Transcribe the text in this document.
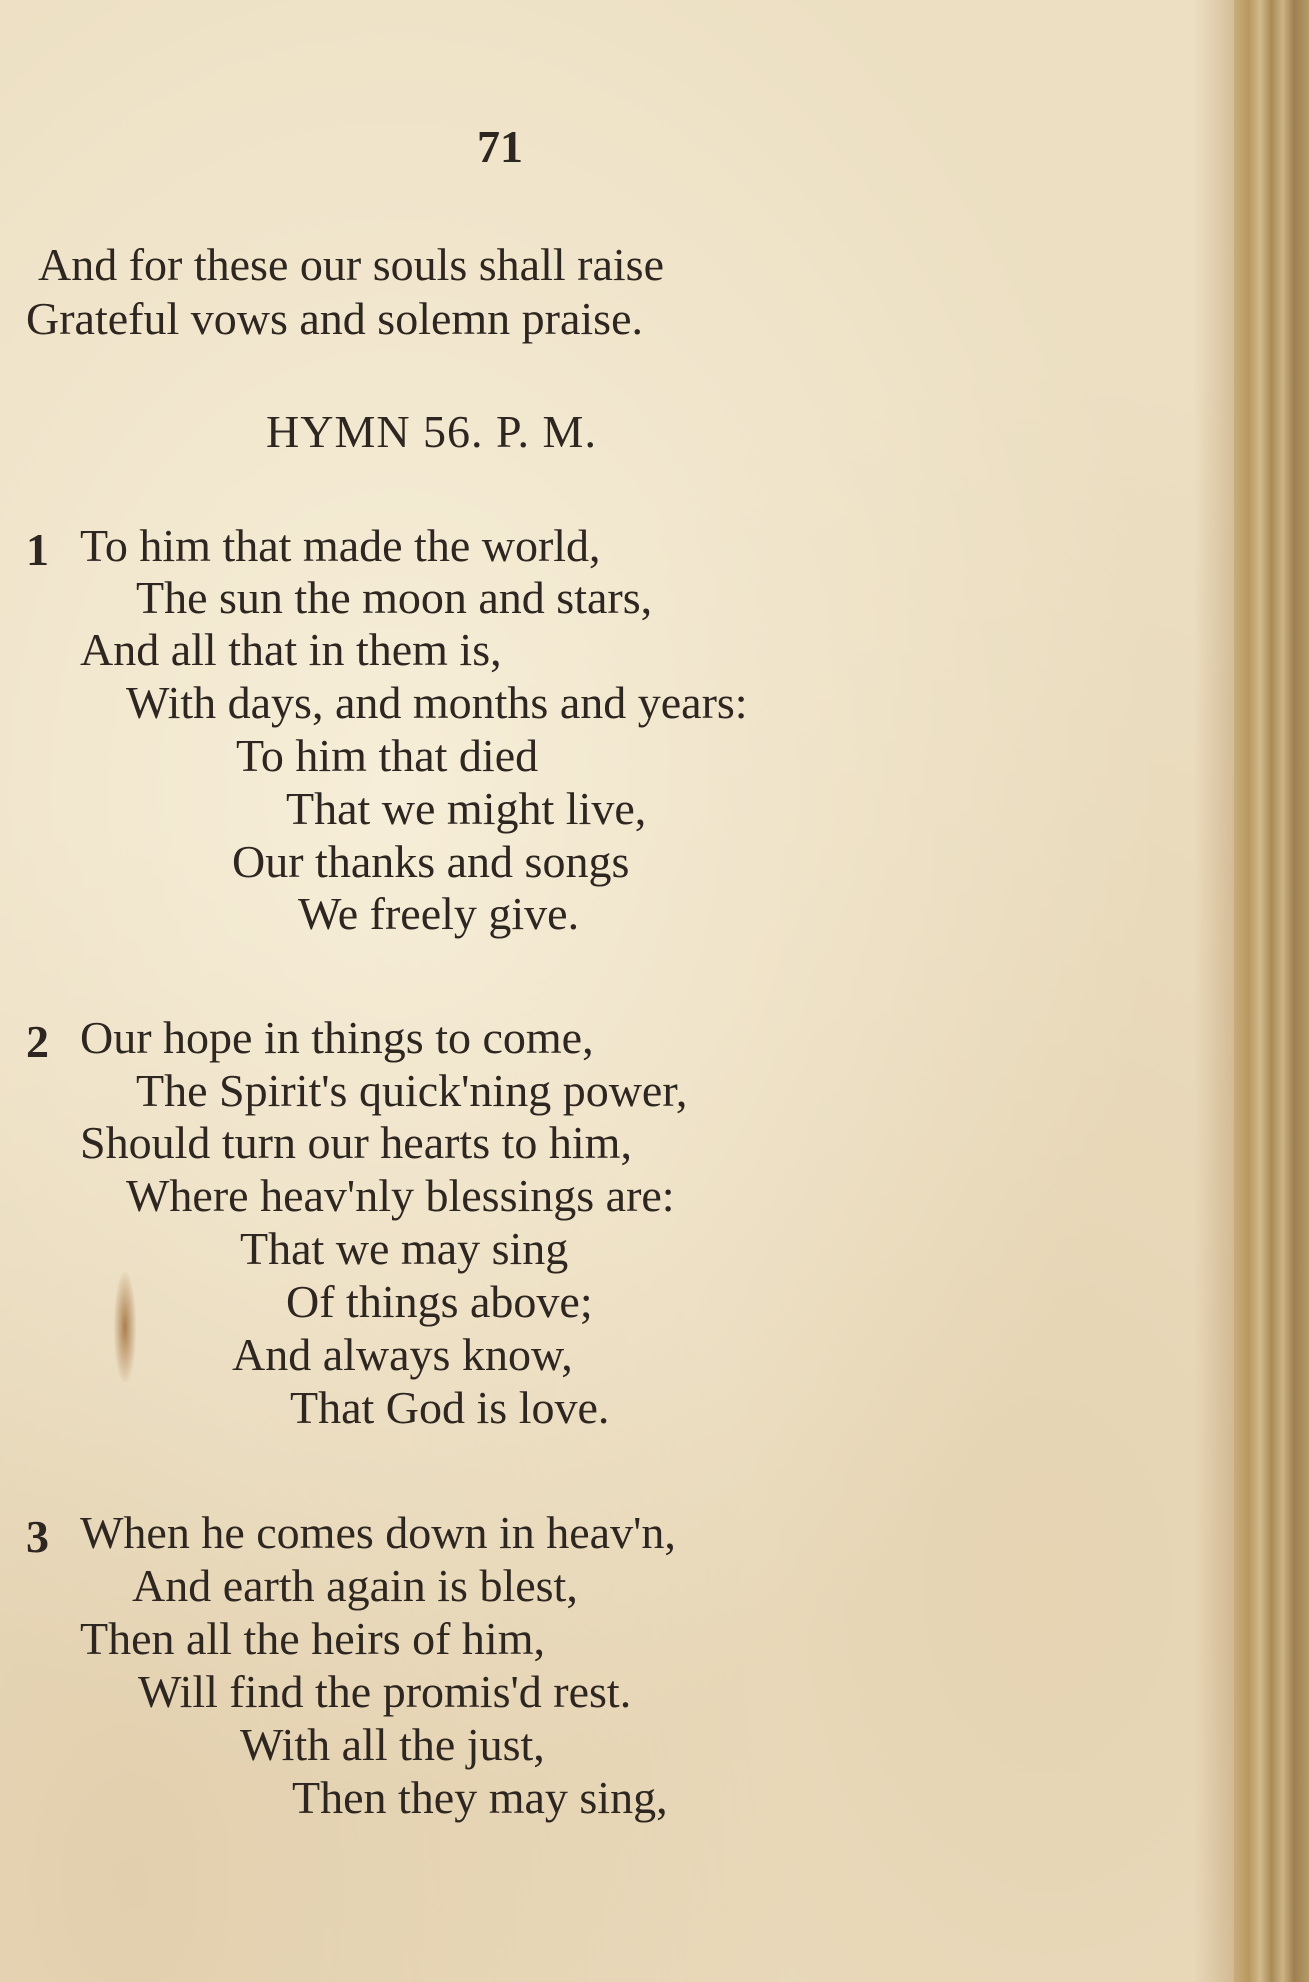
71
And for these our souls shall raise
Grateful vows and solemn praise.
HYMN 56. P. M.
1 To him that made the world,
The sun the moon and stars,
And all that in them is,
With days, and months and years:
To him that died
That we might live,
Our thanks and songs
We freely give.
2 Our hope in things to come,
The Spirit's quick'ning power,
Should turn our hearts to him,
Where heav'nly blessings are:
That we may sing
Of things above;
And always know,
That God is love.
3 When he comes down in heav'n,
And earth again is blest,
Then all the heirs of him,
Will find the promis'd rest.
With all the just,
Then they may sing,
